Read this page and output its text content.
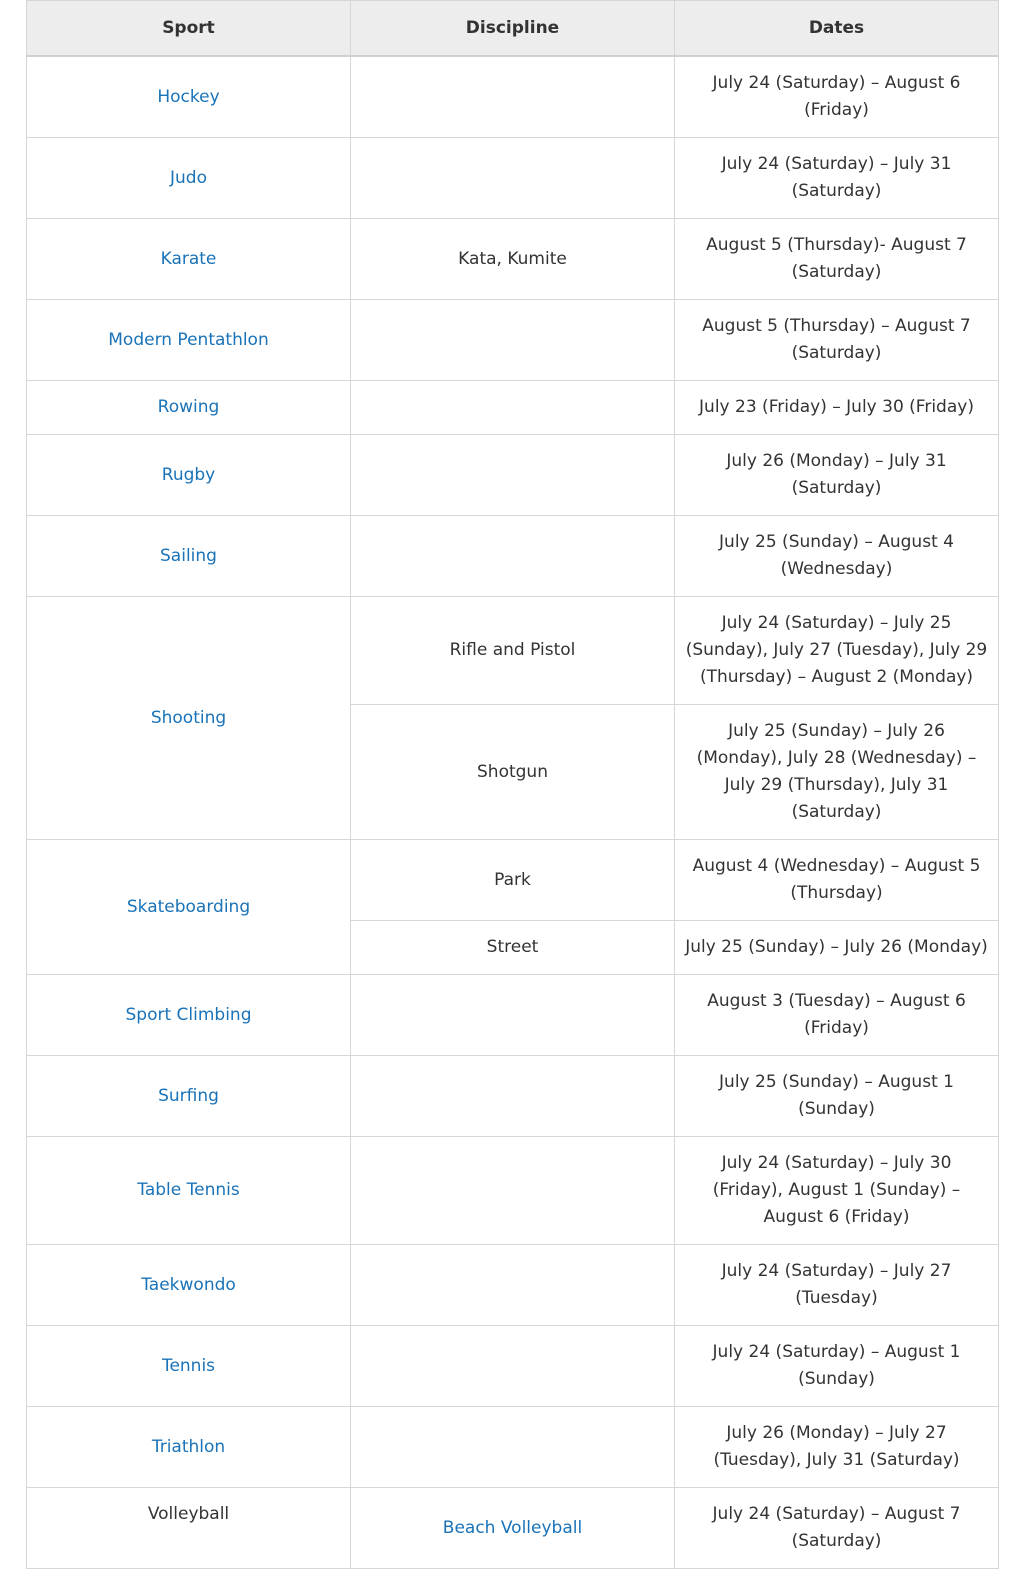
Sport	Discipline	Dates
Hockey		July 24 (Saturday) – August 6 (Friday)
Judo		July 24 (Saturday) – July 31 (Saturday)
Karate	Kata, Kumite	August 5 (Thursday)- August 7 (Saturday)
Modern Pentathlon		August 5 (Thursday) – August 7 (Saturday)
Rowing		July 23 (Friday) – July 30 (Friday)
Rugby		July 26 (Monday) – July 31 (Saturday)
Sailing		July 25 (Sunday) – August 4 (Wednesday)
Shooting	Rifle and Pistol	July 24 (Saturday) – July 25 (Sunday), July 27 (Tuesday), July 29 (Thursday) – August 2 (Monday)
	Shotgun	July 25 (Sunday) – July 26 (Monday), July 28 (Wednesday) – July 29 (Thursday), July 31 (Saturday)
Skateboarding	Park	August 4 (Wednesday) – August 5 (Thursday)
	Street	July 25 (Sunday) – July 26 (Monday)
Sport Climbing		August 3 (Tuesday) – August 6 (Friday)
Surfing		July 25 (Sunday) – August 1 (Sunday)
Table Tennis		July 24 (Saturday) – July 30 (Friday), August 1 (Sunday) – August 6 (Friday)
Taekwondo		July 24 (Saturday) – July 27 (Tuesday)
Tennis		July 24 (Saturday) – August 1 (Sunday)
Triathlon		July 26 (Monday) – July 27 (Tuesday), July 31 (Saturday)
Volleyball	Beach Volleyball	July 24 (Saturday) – August 7 (Saturday)
